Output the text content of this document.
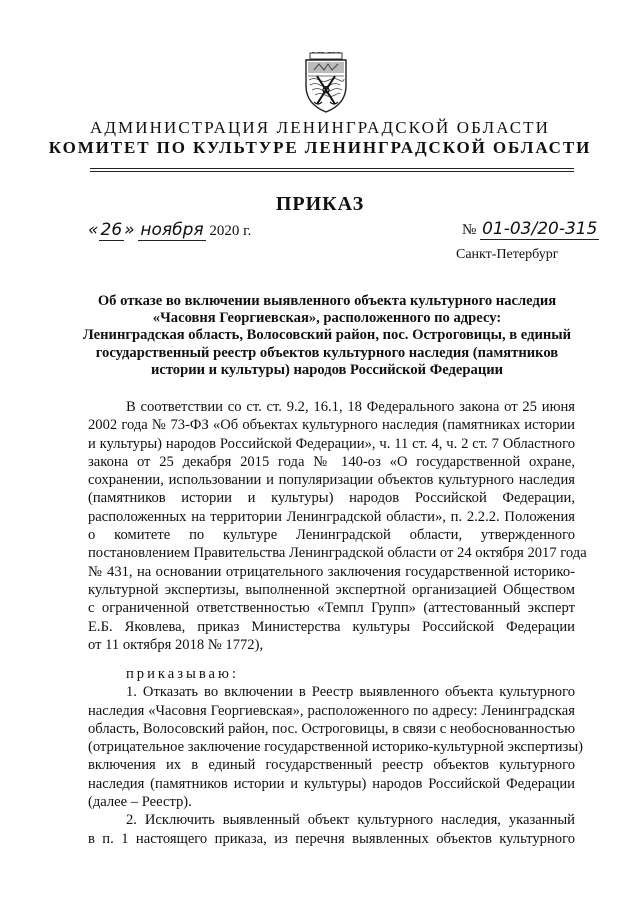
АДМИНИСТРАЦИЯ ЛЕНИНГРАДСКОЙ ОБЛАСТИ
КОМИТЕТ ПО КУЛЬТУРЕ ЛЕНИНГРАДСКОЙ ОБЛАСТИ
ПРИКАЗ
« 26 » ноября 2020 г.	№ 01-03/20-315
Санкт-Петербург
Об отказе во включении выявленного объекта культурного наследия
«Часовня Георгиевская», расположенного по адресу:
Ленинградская область, Волосовский район, пос. Остроговицы, в единый
государственный реестр объектов культурного наследия (памятников
истории и культуры) народов Российской Федерации
В соответствии со ст. ст. 9.2, 16.1, 18 Федерального закона от 25 июня
2002 года № 73-ФЗ «Об объектах культурного наследия (памятниках истории
и культуры) народов Российской Федерации», ч. 11 ст. 4, ч. 2 ст. 7 Областного
закона от 25 декабря 2015 года № 140-оз «О государственной охране,
сохранении, использовании и популяризации объектов культурного наследия
(памятников истории и культуры) народов Российской Федерации,
расположенных на территории Ленинградской области», п. 2.2.2. Положения
о комитете по культуре Ленинградской области, утвержденного
постановлением Правительства Ленинградской области от 24 октября 2017 года
№ 431, на основании отрицательного заключения государственной историко-
культурной экспертизы, выполненной экспертной организацией Обществом
с ограниченной ответственностью «Темпл Групп» (аттестованный эксперт
Е.Б. Яковлева, приказ Министерства культуры Российской Федерации
от 11 октября 2018 № 1772),
приказываю:
1. Отказать во включении в Реестр выявленного объекта культурного
наследия «Часовня Георгиевская», расположенного по адресу: Ленинградская
область, Волосовский район, пос. Остроговицы, в связи с необоснованностью
(отрицательное заключение государственной историко-культурной экспертизы)
включения их в единый государственный реестр объектов культурного
наследия (памятников истории и культуры) народов Российской Федерации
(далее – Реестр).
2. Исключить выявленный объект культурного наследия, указанный
в п. 1 настоящего приказа, из перечня выявленных объектов культурного
